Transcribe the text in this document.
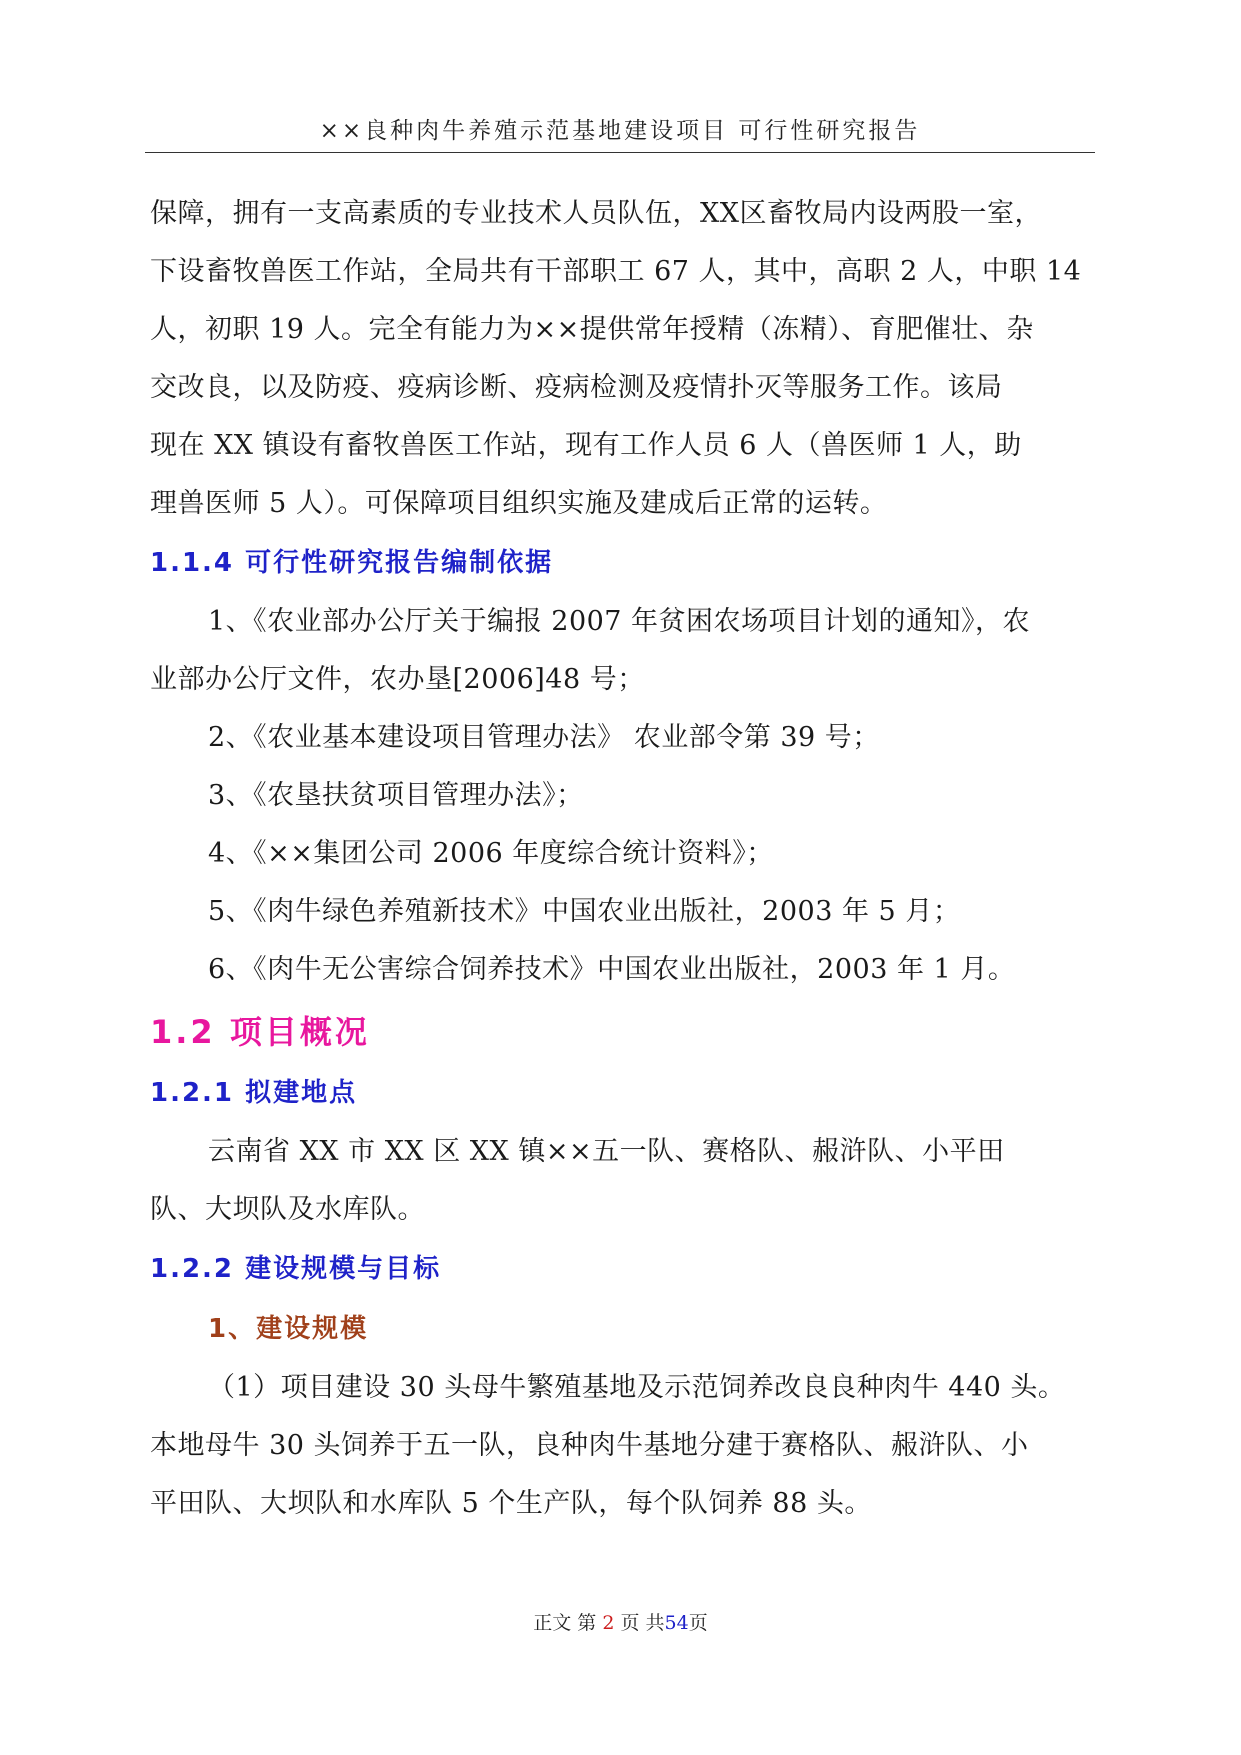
××良种肉牛养殖示范基地建设项目 可行性研究报告

保障，拥有一支高素质的专业技术人员队伍，XX区畜牧局内设两股一室，

下设畜牧兽医工作站，全局共有干部职工 67 人，其中，高职 2 人，中职 14

人，初职 19 人。完全有能力为××提供常年授精（冻精）、育肥催壮、杂

交改良，以及防疫、疫病诊断、疫病检测及疫情扑灭等服务工作。该局

现在 XX 镇设有畜牧兽医工作站，现有工作人员 6 人（兽医师 1 人，助

理兽医师 5 人）。可保障项目组织实施及建成后正常的运转。

1.1.4 可行性研究报告编制依据

1、《农业部办公厅关于编报 2007 年贫困农场项目计划的通知》，农

业部办公厅文件，农办垦[2006]48 号；

2、《农业基本建设项目管理办法》 农业部令第 39 号；

3、《农垦扶贫项目管理办法》；

4、《××集团公司 2006 年度综合统计资料》；

5、《肉牛绿色养殖新技术》中国农业出版社，2003 年 5 月；

6、《肉牛无公害综合饲养技术》中国农业出版社，2003 年 1 月。

1.2 项目概况
1.2.1 拟建地点

云南省 XX 市 XX 区 XX 镇××五一队、赛格队、赧浒队、小平田

队、大坝队及水库队。

1.2.2 建设规模与目标
1、建设规模

（1）项目建设 30 头母牛繁殖基地及示范饲养改良良种肉牛 440 头。

本地母牛 30 头饲养于五一队，良种肉牛基地分建于赛格队、赧浒队、小

平田队、大坝队和水库队 5 个生产队，每个队饲养 88 头。

正文 第 2 页 共54页
